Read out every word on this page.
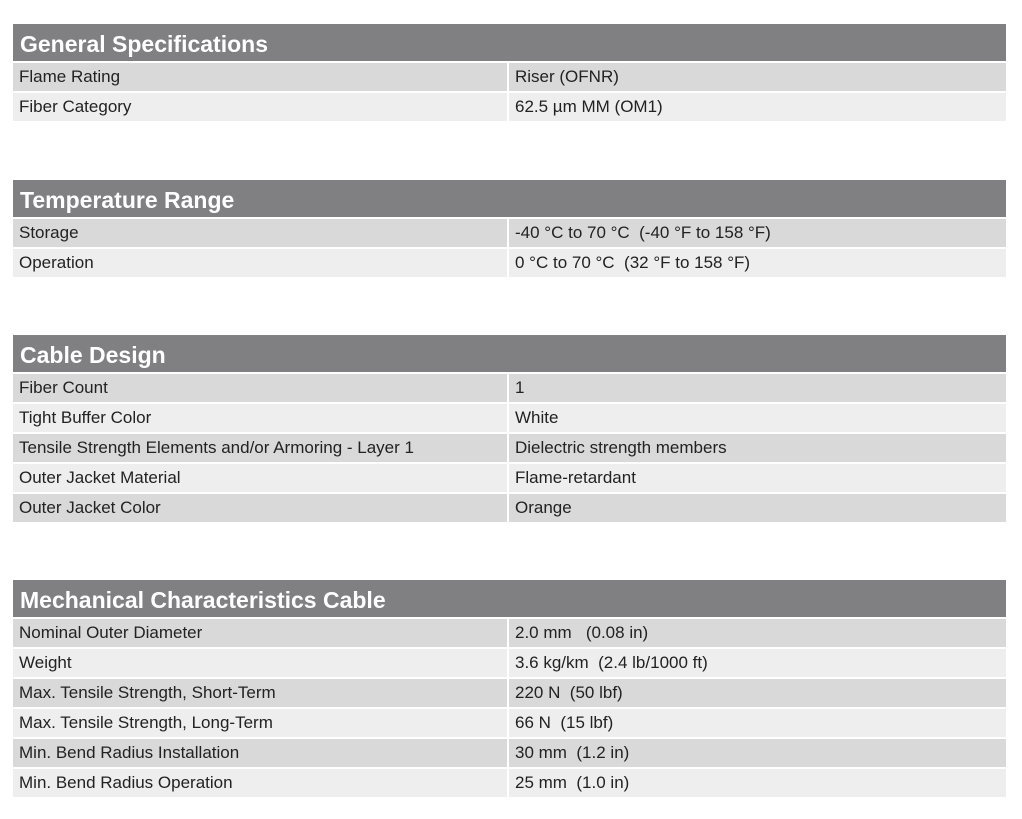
General Specifications
Flame Rating	Riser (OFNR)
Fiber Category	62.5 µm MM (OM1)
Temperature Range
Storage	-40 °C to 70 °C  (-40 °F to 158 °F)
Operation	0 °C to 70 °C  (32 °F to 158 °F)
Cable Design
Fiber Count	1
Tight Buffer Color	White
Tensile Strength Elements and/or Armoring - Layer 1	Dielectric strength members
Outer Jacket Material	Flame-retardant
Outer Jacket Color	Orange
Mechanical Characteristics Cable
Nominal Outer Diameter	2.0 mm   (0.08 in)
Weight	3.6 kg/km  (2.4 lb/1000 ft)
Max. Tensile Strength, Short-Term	220 N  (50 lbf)
Max. Tensile Strength, Long-Term	66 N  (15 lbf)
Min. Bend Radius Installation	30 mm  (1.2 in)
Min. Bend Radius Operation	25 mm  (1.0 in)
